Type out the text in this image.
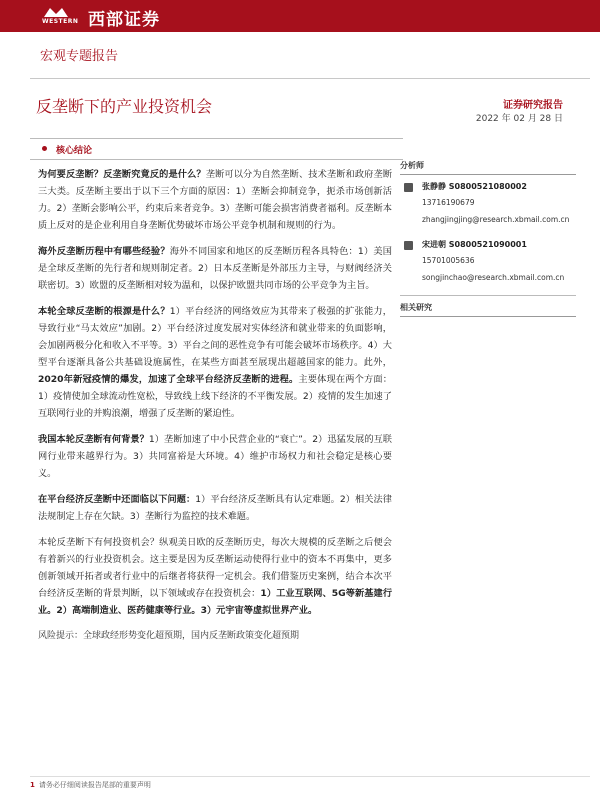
WESTERN 西部证券
宏观专题报告
反垄断下的产业投资机会	证券研究报告
2022 年 02 月 28 日
核心结论

为何要反垄断？反垄断究竟反的是什么？垄断可以分为自然垄断、技术垄断和政府垄断三大类。反垄断主要出于以下三个方面的原因：1）垄断会抑制竞争，扼杀市场创新活力。2）垄断会影响公平，约束后来者竞争。3）垄断可能会损害消费者福利。反垄断本质上反对的是企业利用自身垄断优势破坏市场公平竞争机制和规则的行为。

海外反垄断历程中有哪些经验？海外不同国家和地区的反垄断历程各具特色：1）美国是全球反垄断的先行者和规则制定者。2）日本反垄断是外部压力主导，与财阀经济关联密切。3）欧盟的反垄断相对较为温和，以保护欧盟共同市场的公平竞争为主旨。

本轮全球反垄断的根源是什么？1）平台经济的网络效应为其带来了极强的扩张能力，导致行业“马太效应”加剧。2）平台经济过度发展对实体经济和就业带来的负面影响，会加剧两极分化和收入不平等。3）平台之间的恶性竞争有可能会破坏市场秩序。4）大型平台逐渐具备公共基础设施属性，在某些方面甚至展现出超越国家的能力。此外，2020年新冠疫情的爆发，加速了全球平台经济反垄断的进程。主要体现在两个方面：1）疫情使加全球流动性宽松，导致线上线下经济的不平衡发展。2）疫情的发生加速了互联网行业的并购浪潮，增强了反垄断的紧迫性。

我国本轮反垄断有何背景？1）垄断加速了中小民营企业的“衰亡”。2）迅猛发展的互联网行业带来越界行为。3）共同富裕是大环境。4）维护市场权力和社会稳定是核心要义。

在平台经济反垄断中还面临以下问题：1）平台经济反垄断具有认定难题。2）相关法律法规制定上存在欠缺。3）垄断行为监控的技术难题。

本轮反垄断下有何投资机会？纵观美日欧的反垄断历史，每次大规模的反垄断之后便会有着新兴的行业投资机会。这主要是因为反垄断运动使得行业中的资本不再集中，更多创新领域开拓者或者行业中的后继者将获得一定机会。我们借鉴历史案例，结合本次平台经济反垄断的背景判断，以下领域或存在投资机会：1）工业互联网、5G等新基建行业。2）高端制造业、医药健康等行业。3）元宇宙等虚拟世界产业。

风险提示：全球政经形势变化超预期，国内反垄断政策变化超预期
分析师
张静静 S0800521080002
13716190679
zhangjingjing@research.xbmail.com.cn
宋进朝 S0800521090001
15701005636
songjinchao@research.xbmail.com.cn
相关研究
1 请务必仔细阅读报告尾部的重要声明
